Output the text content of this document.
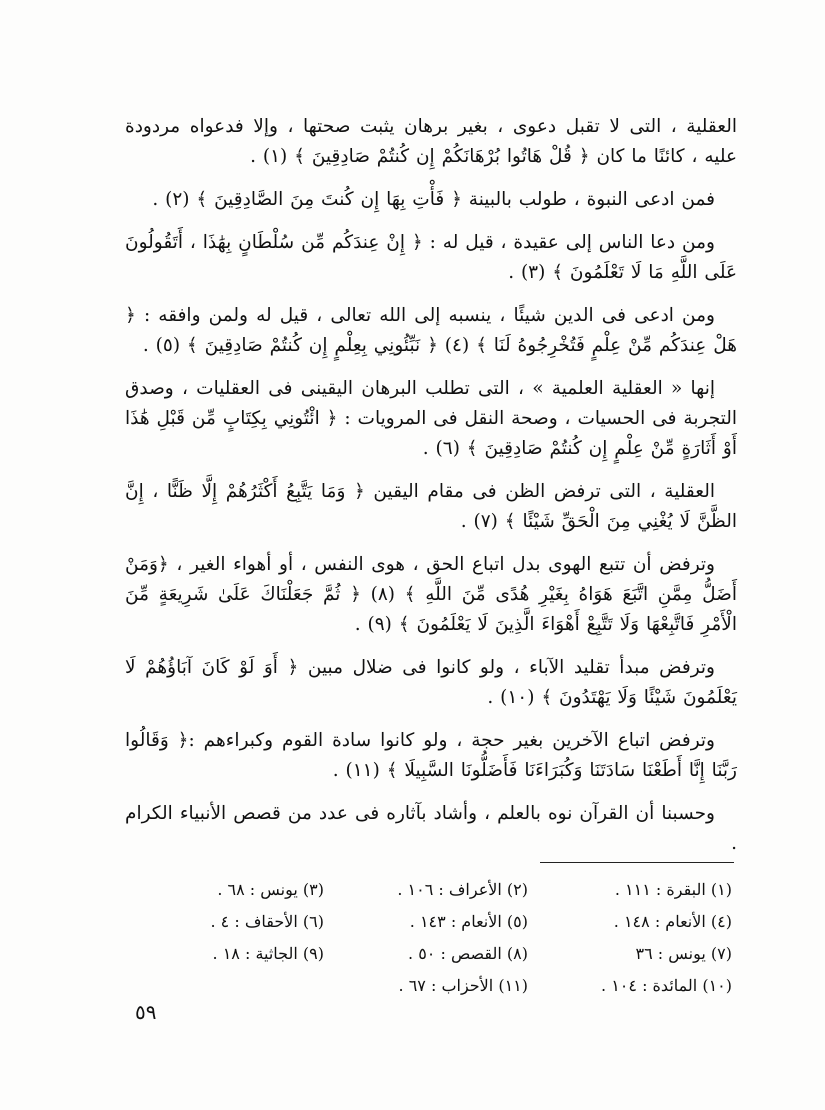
العقلية ، التى لا تقبل دعوى ، بغير برهان يثبت صحتها ، وإلا فدعواه مردودة عليه ، كائنًا ما كان ﴿ قُلْ هَاتُوا بُرْهَانَكُمْ إِن كُنتُمْ صَادِقِينَ ﴾ (١) .

فمن ادعى النبوة ، طولب بالبينة ﴿ فَأْتِ بِهَا إِن كُنتَ مِنَ الصَّادِقِينَ ﴾ (٢) .

ومن دعا الناس إلى عقيدة ، قيل له : ﴿ إِنْ عِندَكُم مِّن سُلْطَانٍ بِهَٰذَا ، أَتَقُولُونَ عَلَى اللَّهِ مَا لَا تَعْلَمُونَ ﴾ (٣) .

ومن ادعى فى الدين شيئًا ، ينسبه إلى الله تعالى ، قيل له ولمن وافقه : ﴿ هَلْ عِندَكُم مِّنْ عِلْمٍ فَتُخْرِجُوهُ لَنَا ﴾ (٤) ﴿ نَبِّئُونِي بِعِلْمٍ إِن كُنتُمْ صَادِقِينَ ﴾ (٥) .

إنها « العقلية العلمية » ، التى تطلب البرهان اليقينى فى العقليات ، وصدق التجربة فى الحسيات ، وصحة النقل فى المرويات : ﴿ ائْتُونِي بِكِتَابٍ مِّن قَبْلِ هَٰذَا أَوْ أَثَارَةٍ مِّنْ عِلْمٍ إِن كُنتُمْ صَادِقِينَ ﴾ (٦) .

العقلية ، التى ترفض الظن فى مقام اليقين ﴿ وَمَا يَتَّبِعُ أَكْثَرُهُمْ إِلَّا ظَنًّا ، إِنَّ الظَّنَّ لَا يُغْنِي مِنَ الْحَقِّ شَيْئًا ﴾ (٧) .

وترفض أن تتبع الهوى بدل اتباع الحق ، هوى النفس ، أو أهواء الغير ، ﴿وَمَنْ أَضَلُّ مِمَّنِ اتَّبَعَ هَوَاهُ بِغَيْرِ هُدًى مِّنَ اللَّهِ ﴾ (٨) ﴿ ثُمَّ جَعَلْنَاكَ عَلَىٰ شَرِيعَةٍ مِّنَ الْأَمْرِ فَاتَّبِعْهَا وَلَا تَتَّبِعْ أَهْوَاءَ الَّذِينَ لَا يَعْلَمُونَ ﴾ (٩) .

وترفض مبدأ تقليد الآباء ، ولو كانوا فى ضلال مبين ﴿ أَوَ لَوْ كَانَ آبَاؤُهُمْ لَا يَعْلَمُونَ شَيْئًا وَلَا يَهْتَدُونَ ﴾ (١٠) .

وترفض اتباع الآخرين بغير حجة ، ولو كانوا سادة القوم وكبراءهم :﴿ وَقَالُوا رَبَّنَا إِنَّا أَطَعْنَا سَادَتَنَا وَكُبَرَاءَنَا فَأَضَلُّونَا السَّبِيلَا ﴾ (١١) .

وحسبنا أن القرآن نوه بالعلم ، وأشاد بآثاره فى عدد من قصص الأنبياء الكرام .

(١) البقرة : ١١١ .
(٢) الأعراف : ١٠٦ .
(٣) يونس : ٦٨ .
(٤) الأنعام : ١٤٨ .
(٥) الأنعام : ١٤٣ .
(٦) الأحقاف : ٤ .
(٧) يونس : ٣٦
(٨) القصص : ٥٠ .
(٩) الجاثية : ١٨ .
(١٠) المائدة : ١٠٤ .
(١١) الأحزاب : ٦٧ .
٥٩
